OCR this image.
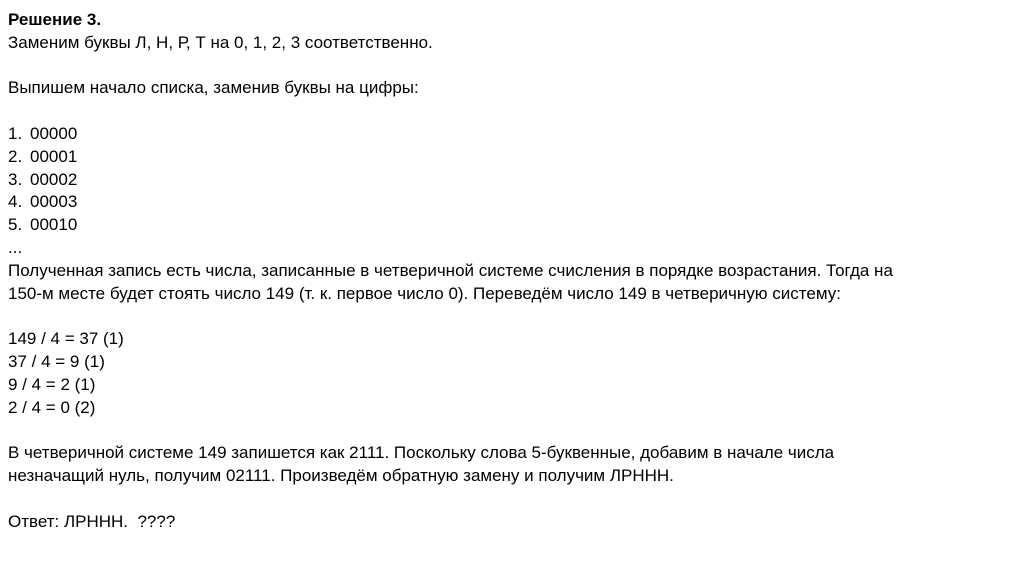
Решение 3.
Заменим буквы Л, Н, Р, Т на 0, 1, 2, 3 соответственно.
Выпишем начало списка, заменив буквы на цифры:
1. 00000
2. 00001
3. 00002
4. 00003
5. 00010
...
Полученная запись есть числа, записанные в четверичной системе счисления в порядке возрастания. Тогда на
150-м месте будет стоять число 149 (т. к. первое число 0). Переведём число 149 в четверичную систему:
149 / 4 = 37 (1)
37 / 4 = 9 (1)
9 / 4 = 2 (1)
2 / 4 = 0 (2)
В четверичной системе 149 запишется как 2111. Поскольку слова 5-буквенные, добавим в начале числа
незначащий нуль, получим 02111. Произведём обратную замену и получим ЛРННН.
Ответ: ЛРННН.  ????
